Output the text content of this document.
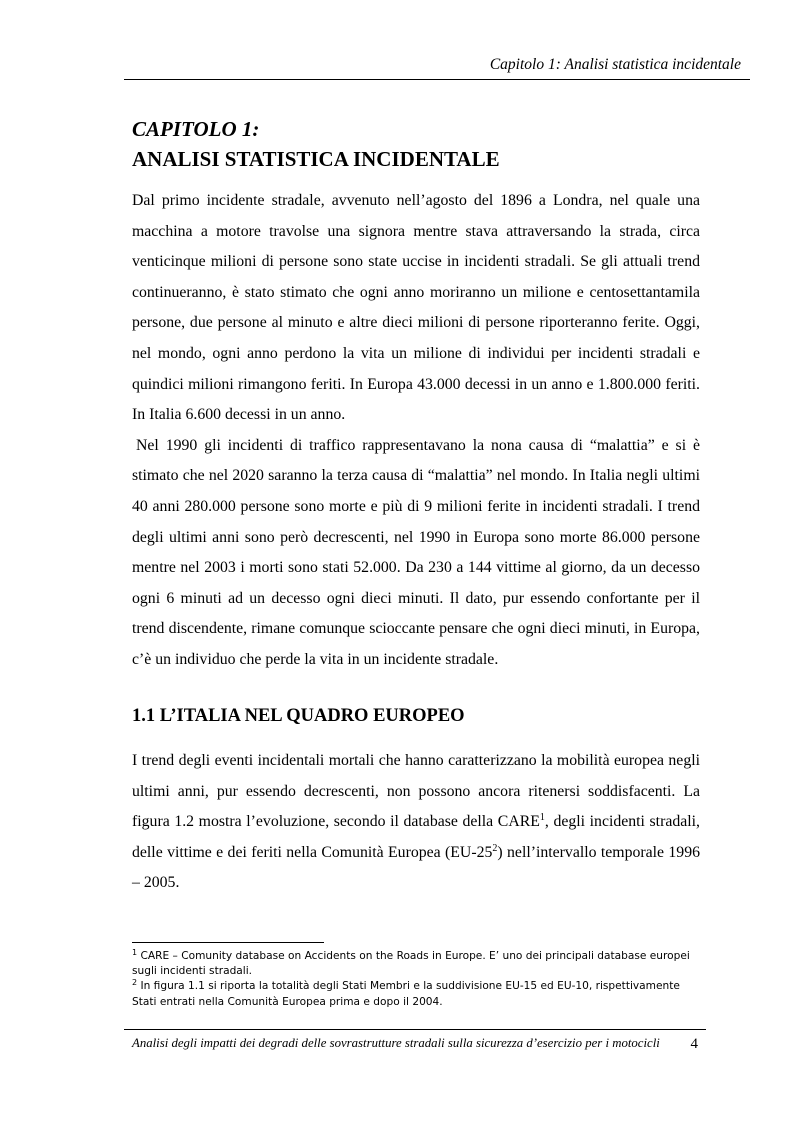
Capitolo 1: Analisi statistica incidentale

CAPITOLO 1:

ANALISI STATISTICA INCIDENTALE

Dal primo incidente stradale, avvenuto nell’agosto del 1896 a Londra, nel quale una macchina a motore travolse una signora mentre stava attraversando la strada, circa venticinque milioni di persone sono state uccise in incidenti stradali. Se gli attuali trend continueranno, è stato stimato che ogni anno moriranno un milione e centosettantamila persone, due persone al minuto e altre dieci milioni di persone riporteranno ferite. Oggi, nel mondo, ogni anno perdono la vita un milione di individui per incidenti stradali e quindici milioni rimangono feriti. In Europa 43.000 decessi in un anno e 1.800.000 feriti. In Italia 6.600 decessi in un anno.

Nel 1990 gli incidenti di traffico rappresentavano la nona causa di “malattia” e si è stimato che nel 2020 saranno la terza causa di “malattia” nel mondo. In Italia negli ultimi 40 anni 280.000 persone sono morte e più di 9 milioni ferite in incidenti stradali. I trend degli ultimi anni sono però decrescenti, nel 1990 in Europa sono morte 86.000 persone mentre nel 2003 i morti sono stati 52.000. Da 230 a 144 vittime al giorno, da un decesso ogni 6 minuti ad un decesso ogni dieci minuti. Il dato, pur essendo confortante per il trend discendente, rimane comunque scioccante pensare che ogni dieci minuti, in Europa, c’è un individuo che perde la vita in un incidente stradale.

1.1 L’ITALIA NEL QUADRO EUROPEO

I trend degli eventi incidentali mortali che hanno caratterizzano la mobilità europea negli ultimi anni, pur essendo decrescenti, non possono ancora ritenersi soddisfacenti. La figura 1.2 mostra l’evoluzione, secondo il database della CARE$^1$, degli incidenti stradali, delle vittime e dei feriti nella Comunità Europea $(EU-25^2)$ nell’intervallo temporale 1996 – 2005.

$^1$ CARE – Comunity database on Accidents on the Roads in Europe. E’ uno dei principali database europei sugli incidenti stradali.

$^2$ In figura 1.1 si riporta la totalità degli Stati Membri e la suddivisione EU-15 ed EU-10, rispettivamente Stati entrati nella Comunità Europea prima e dopo il 2004.

Analisi degli impatti dei degradi delle sovrastrutture stradali sulla sicurezza d’esercizio per i motocicli 4
